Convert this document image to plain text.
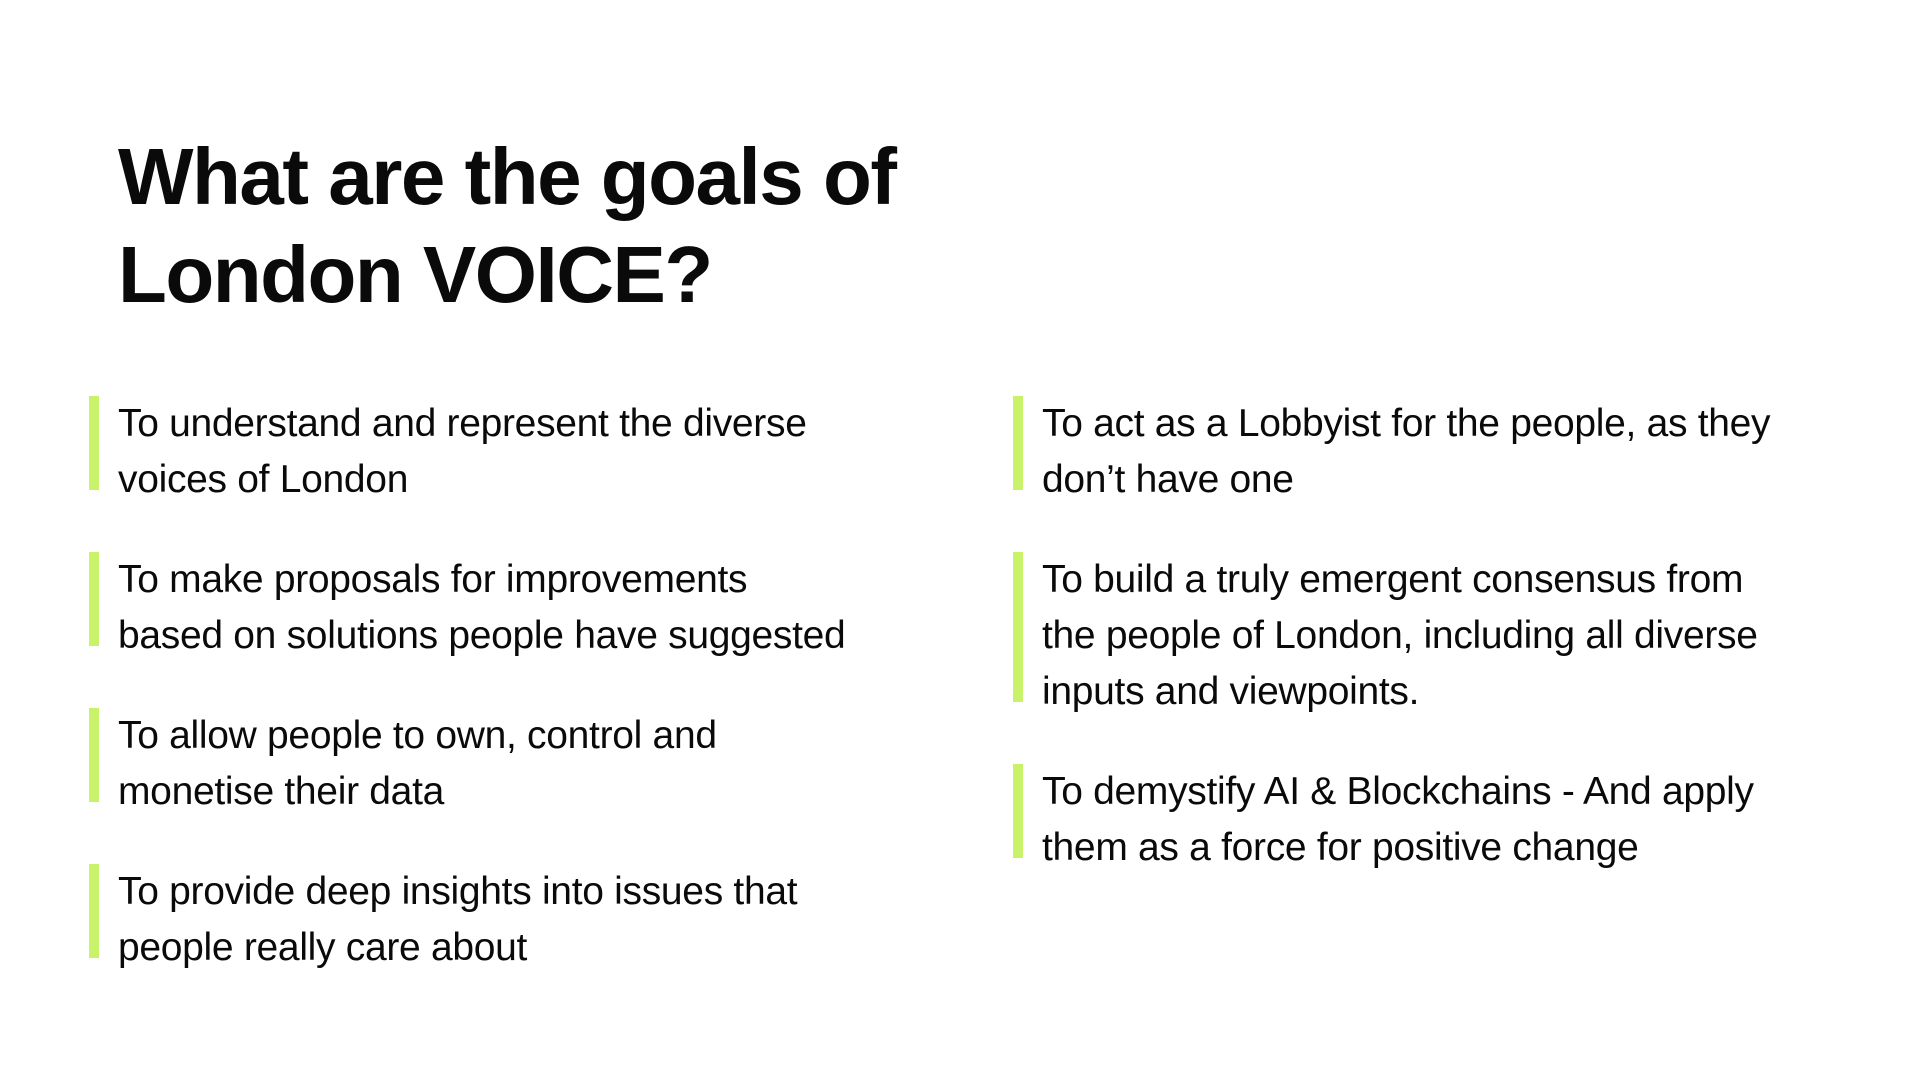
What are the goals of
London VOICE?
To understand and represent the diverse
voices of London
To make proposals for improvements
based on solutions people have suggested
To allow people to own, control and
monetise their data
To provide deep insights into issues that
people really care about
To act as a Lobbyist for the people, as they
don’t have one
To build a truly emergent consensus from
the people of London, including all diverse
inputs and viewpoints.
To demystify AI & Blockchains - And apply
them as a force for positive change
